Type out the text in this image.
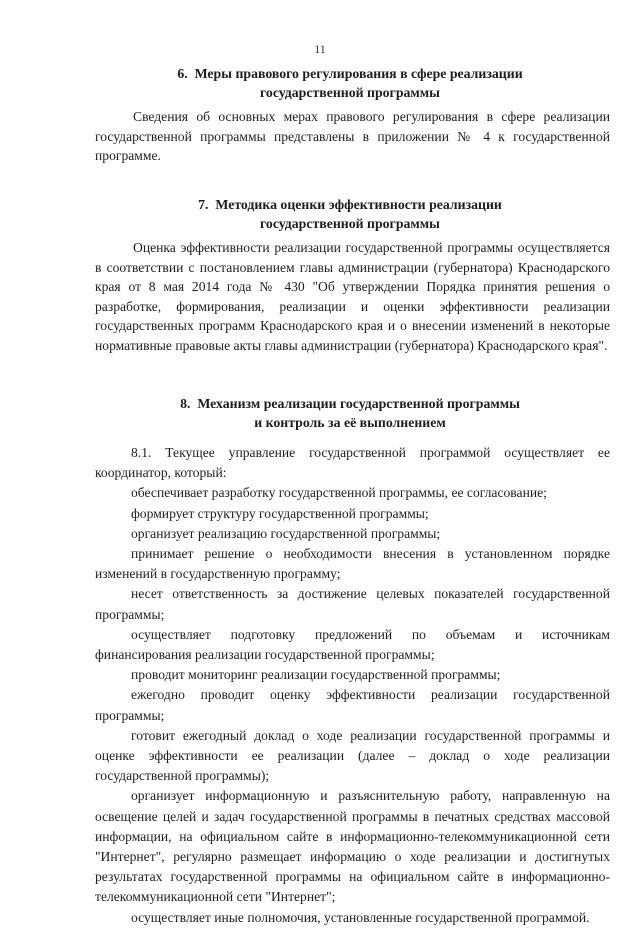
11
6.  Меры правового регулирования в сфере реализации
государственной программы

Сведения об основных мерах правового регулирования в сфере реализации государственной программы представлены в приложении № 4 к государственной программе.

7.  Методика оценки эффективности реализации
государственной программы

Оценка эффективности реализации государственной программы осуществляется в соответствии с постановлением главы администрации (губернатора) Краснодарского края от 8 мая 2014 года № 430 "Об утверждении Порядка принятия решения о разработке, формирования, реализации и оценки эффективности реализации государственных программ Краснодарского края и о внесении изменений в некоторые нормативные правовые акты главы администрации (губернатора) Краснодарского края".

8.  Механизм реализации государственной программы
и контроль за её выполнением

8.1. Текущее управление государственной программой осуществляет ее координатор, который:

обеспечивает разработку государственной программы, ее согласование;

формирует структуру государственной программы;

организует реализацию государственной программы;

принимает решение о необходимости внесения в установленном порядке изменений в государственную программу;

несет ответственность за достижение целевых показателей государственной программы;

осуществляет подготовку предложений по объемам и источникам финансирования реализации государственной программы;

проводит мониторинг реализации государственной программы;

ежегодно проводит оценку эффективности реализации государственной программы;

готовит ежегодный доклад о ходе реализации государственной программы и оценке эффективности ее реализации (далее – доклад о ходе реализации государственной программы);

организует информационную и разъяснительную работу, направленную на освещение целей и задач государственной программы в печатных средствах массовой информации, на официальном сайте в информационно-телекоммуникационной сети "Интернет", регулярно размещает информацию о ходе реализации и достигнутых результатах государственной программы на официальном сайте в информационно-телекоммуникационной сети "Интернет";

осуществляет иные полномочия, установленные государственной программой.
